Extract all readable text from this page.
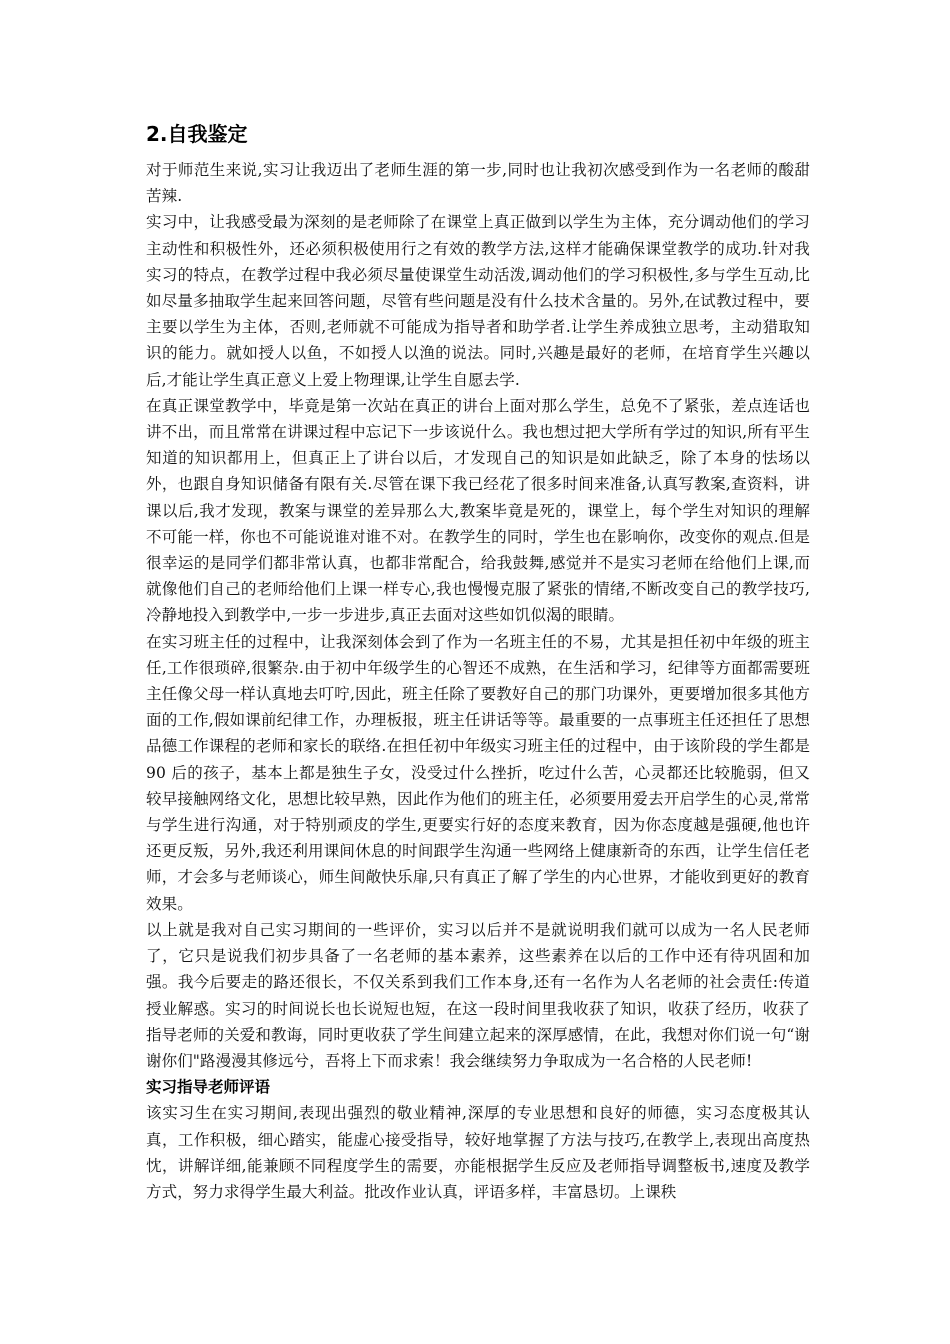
2.自我鉴定

对于师范生来说,实习让我迈出了老师生涯的第一步,同时也让我初次感受到作为一名老师的酸甜苦辣.

实习中，让我感受最为深刻的是老师除了在课堂上真正做到以学生为主体，充分调动他们的学习主动性和积极性外，还必须积极使用行之有效的教学方法,这样才能确保课堂教学的成功.针对我实习的特点，在教学过程中我必须尽量使课堂生动活泼,调动他们的学习积极性,多与学生互动,比如尽量多抽取学生起来回答问题，尽管有些问题是没有什么技术含量的。另外,在试教过程中，要主要以学生为主体，否则,老师就不可能成为指导者和助学者.让学生养成独立思考，主动猎取知识的能力。就如授人以鱼，不如授人以渔的说法。同时,兴趣是最好的老师，在培育学生兴趣以后,才能让学生真正意义上爱上物理课,让学生自愿去学.

在真正课堂教学中，毕竟是第一次站在真正的讲台上面对那么学生，总免不了紧张，差点连话也讲不出，而且常常在讲课过程中忘记下一步该说什么。我也想过把大学所有学过的知识,所有平生知道的知识都用上，但真正上了讲台以后，才发现自己的知识是如此缺乏，除了本身的怯场以外，也跟自身知识储备有限有关.尽管在课下我已经花了很多时间来准备,认真写教案,查资料，讲课以后,我才发现，教案与课堂的差异那么大,教案毕竟是死的，课堂上，每个学生对知识的理解不可能一样，你也不可能说谁对谁不对。在教学生的同时，学生也在影响你，改变你的观点.但是很幸运的是同学们都非常认真，也都非常配合，给我鼓舞,感觉并不是实习老师在给他们上课,而就像他们自己的老师给他们上课一样专心,我也慢慢克服了紧张的情绪,不断改变自己的教学技巧,冷静地投入到教学中,一步一步进步,真正去面对这些如饥似渴的眼睛。

在实习班主任的过程中，让我深刻体会到了作为一名班主任的不易，尤其是担任初中年级的班主任,工作很琐碎,很繁杂.由于初中年级学生的心智还不成熟，在生活和学习，纪律等方面都需要班主任像父母一样认真地去叮咛,因此，班主任除了要教好自己的那门功课外，更要增加很多其他方面的工作,假如课前纪律工作，办理板报，班主任讲话等等。最重要的一点事班主任还担任了思想品德工作课程的老师和家长的联络.在担任初中年级实习班主任的过程中，由于该阶段的学生都是 90 后的孩子，基本上都是独生子女，没受过什么挫折，吃过什么苦，心灵都还比较脆弱，但又较早接触网络文化，思想比较早熟，因此作为他们的班主任，必须要用爱去开启学生的心灵,常常与学生进行沟通，对于特别顽皮的学生,更要实行好的态度来教育，因为你态度越是强硬,他也许还更反叛，另外,我还利用课间休息的时间跟学生沟通一些网络上健康新奇的东西，让学生信任老师，才会多与老师谈心，师生间敞快乐扉,只有真正了解了学生的内心世界，才能收到更好的教育效果。

以上就是我对自己实习期间的一些评价，实习以后并不是就说明我们就可以成为一名人民老师了，它只是说我们初步具备了一名老师的基本素养，这些素养在以后的工作中还有待巩固和加强。我今后要走的路还很长，不仅关系到我们工作本身,还有一名作为人名老师的社会责任:传道授业解惑。实习的时间说长也长说短也短，在这一段时间里我收获了知识，收获了经历，收获了指导老师的关爱和教诲，同时更收获了学生间建立起来的深厚感情，在此，我想对你们说一句“谢谢你们"路漫漫其修远兮，吾将上下而求索！我会继续努力争取成为一名合格的人民老师!

实习指导老师评语

该实习生在实习期间,表现出强烈的敬业精神,深厚的专业思想和良好的师德，实习态度极其认真，工作积极，细心踏实，能虚心接受指导，较好地掌握了方法与技巧,在教学上,表现出高度热忱，讲解详细,能兼顾不同程度学生的需要，亦能根据学生反应及老师指导调整板书,速度及教学方式，努力求得学生最大利益。批改作业认真，评语多样，丰富恳切。上课秩
